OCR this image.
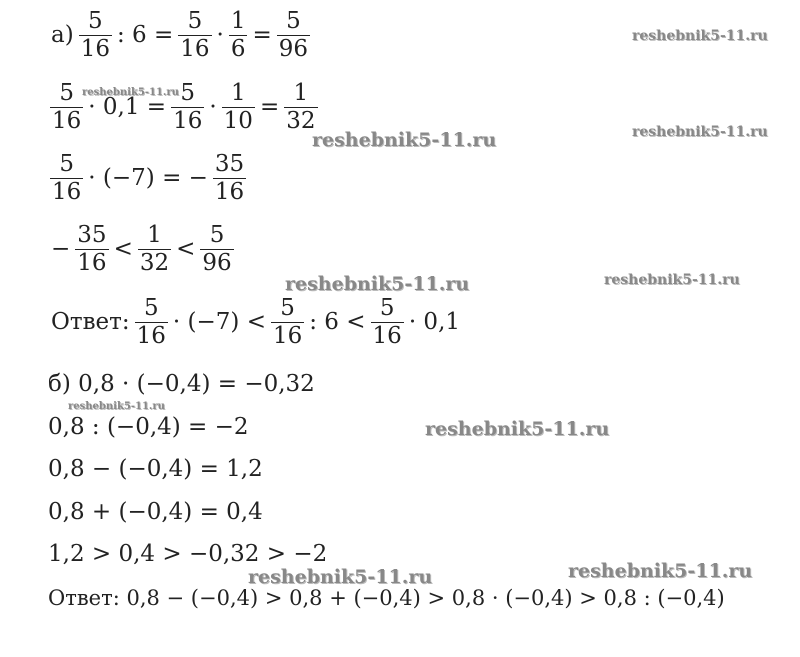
$а) \frac{5}{16}$ : $6 = \frac{5}{16} \cdot \frac{1}{6} = \frac{5}{96}$
$\frac{5}{16} \cdot 0,1 = \frac{5}{16} \cdot \frac{1}{10} = \frac{1}{32}$
$\frac{5}{16} \cdot (-7)$ = − $\frac{35}{16}$
− $\frac{35}{16} < \frac{1}{32} < \frac{5}{96}$
Ответ: $\frac{5}{16} \cdot (-7) < \frac{5}{16}$ : $6 < \frac{5}{16} \cdot 0,1$
б) 0,8 · (−0,4) = −0,32
0,8 : (−0,4) = −2
0,8 − (−0,4) = 1,2
0,8 + (−0,4) = 0,4
1,2 > 0,4 > −0,32 > −2
Ответ: 0,8 − (−0,4) > 0,8 + (−0,4) > 0,8 · (−0,4) > 0,8 : (−0,4)
reshebnik5-11.ru
reshebnik5-11.ru
reshebnik5-11.ru
reshebnik5-11.ru
reshebnik5-11.ru	reshebnik5-11.ru
reshebnik5-11.ru
reshebnik5-11.ru
reshebnik5-11.ru
reshebnik5-11.ru
